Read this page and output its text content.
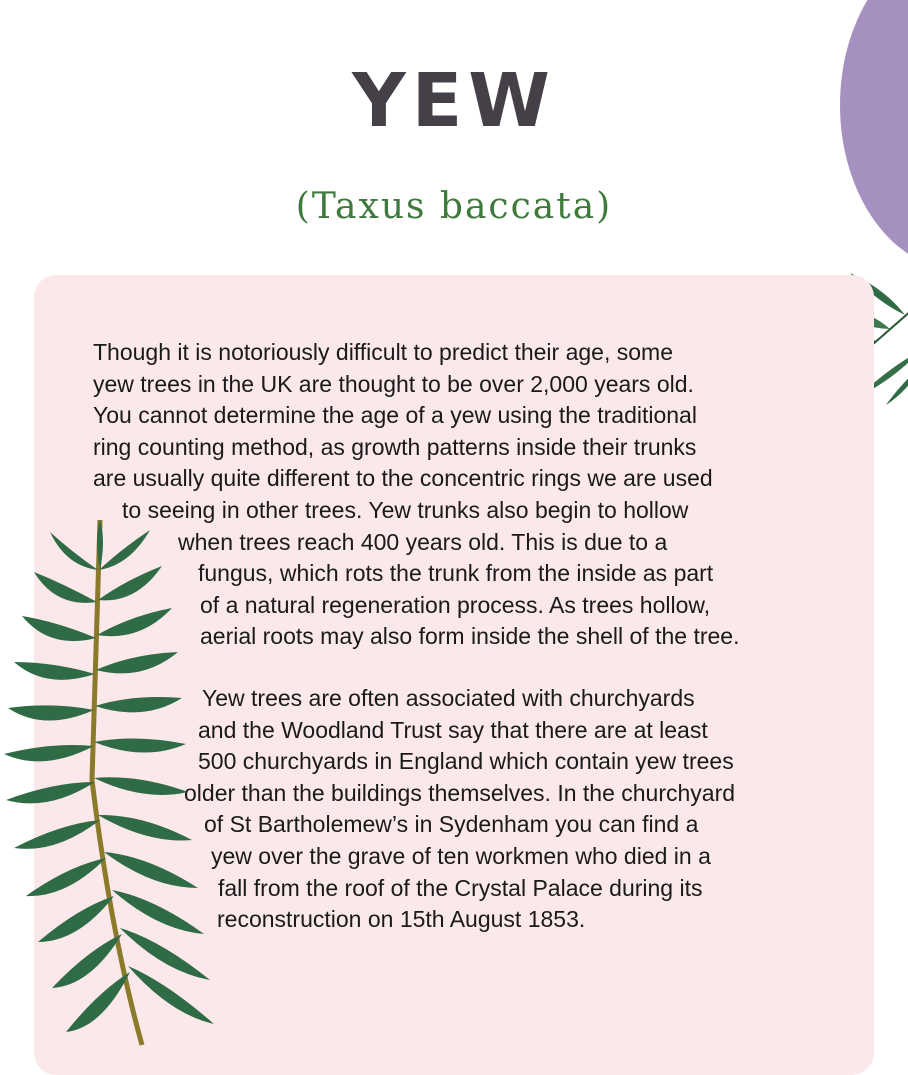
YEW
(Taxus baccata)

Though it is notoriously difficult to predict their age, some
yew trees in the UK are thought to be over 2,000 years old.
You cannot determine the age of a yew using the traditional
ring counting method, as growth patterns inside their trunks
are usually quite different to the concentric rings we are used
to seeing in other trees. Yew trunks also begin to hollow
when trees reach 400 years old. This is due to a
fungus, which rots the trunk from the inside as part
of a natural regeneration process. As trees hollow,
aerial roots may also form inside the shell of the tree.

Yew trees are often associated with churchyards
and the Woodland Trust say that there are at least
500 churchyards in England which contain yew trees
older than the buildings themselves. In the churchyard
of St Bartholemew’s in Sydenham you can find a
yew over the grave of ten workmen who died in a
fall from the roof of the Crystal Palace during its
reconstruction on 15th August 1853.
